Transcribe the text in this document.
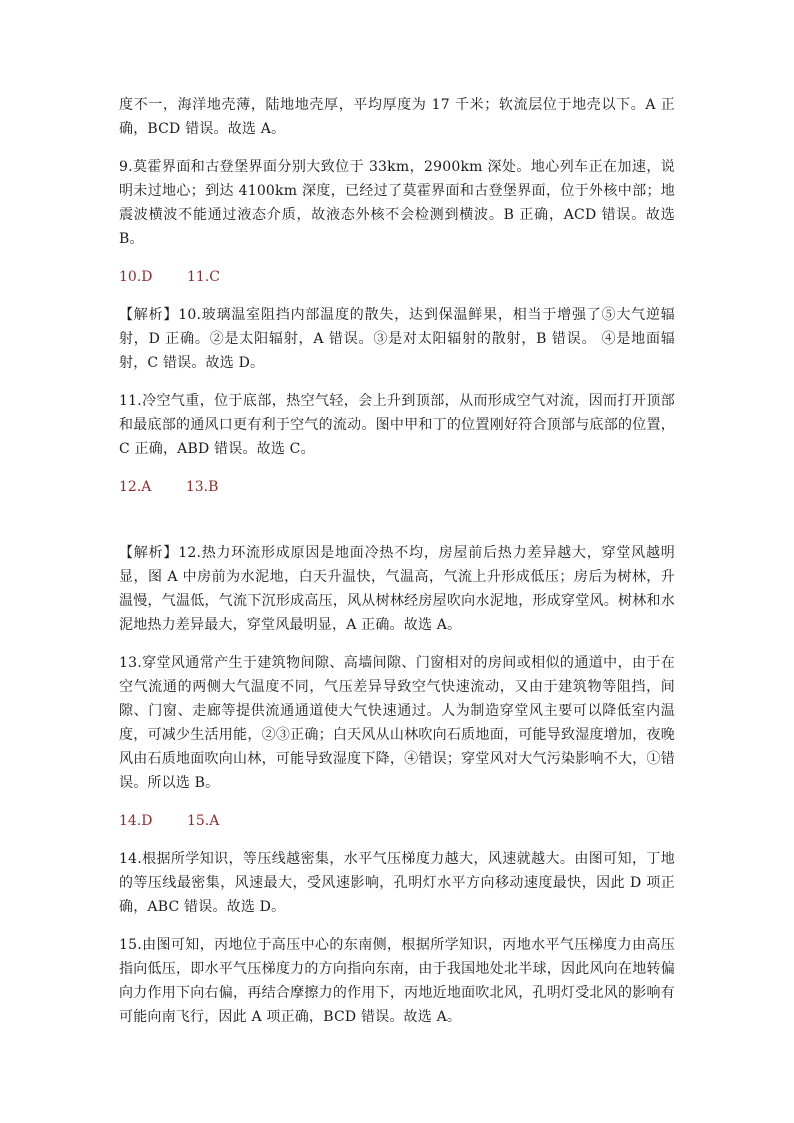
度不一，海洋地壳薄，陆地地壳厚，平均厚度为 17 千米；软流层位于地壳以下。A 正确，BCD 错误。故选 A。

9.莫霍界面和古登堡界面分别大致位于 33km，2900km 深处。地心列车正在加速，说明未过地心；到达 4100km 深度，已经过了莫霍界面和古登堡界面，位于外核中部；地震波横波不能通过液态介质，故液态外核不会检测到横波。B 正确，ACD 错误。故选 B。

10.D 11.C

【解析】10.玻璃温室阻挡内部温度的散失，达到保温鲜果，相当于增强了⑤大气逆辐射，D 正确。②是太阳辐射，A 错误。③是对太阳辐射的散射，B 错误。 ④是地面辐射，C 错误。故选 D。

11.冷空气重，位于底部，热空气轻，会上升到顶部，从而形成空气对流，因而打开顶部和最底部的通风口更有利于空气的流动。图中甲和丁的位置刚好符合顶部与底部的位置，C 正确，ABD 错误。故选 C。

12.A 13.B

【解析】12.热力环流形成原因是地面冷热不均，房屋前后热力差异越大，穿堂风越明显，图 A 中房前为水泥地，白天升温快，气温高，气流上升形成低压；房后为树林，升温慢，气温低，气流下沉形成高压，风从树林经房屋吹向水泥地，形成穿堂风。树林和水泥地热力差异最大，穿堂风最明显，A 正确。故选 A。

13.穿堂风通常产生于建筑物间隙、高墙间隙、门窗相对的房间或相似的通道中，由于在空气流通的两侧大气温度不同，气压差异导致空气快速流动，又由于建筑物等阻挡，间隙、门窗、走廊等提供流通通道使大气快速通过。人为制造穿堂风主要可以降低室内温度，可减少生活用能，②③正确；白天风从山林吹向石质地面，可能导致湿度增加，夜晚风由石质地面吹向山林，可能导致湿度下降，④错误；穿堂风对大气污染影响不大，①错误。所以选 B。

14.D 15.A

14.根据所学知识，等压线越密集，水平气压梯度力越大，风速就越大。由图可知，丁地的等压线最密集，风速最大，受风速影响，孔明灯水平方向移动速度最快，因此 D 项正确，ABC 错误。故选 D。

15.由图可知，丙地位于高压中心的东南侧，根据所学知识，丙地水平气压梯度力由高压指向低压，即水平气压梯度力的方向指向东南，由于我国地处北半球，因此风向在地转偏向力作用下向右偏，再结合摩擦力的作用下，丙地近地面吹北风，孔明灯受北风的影响有可能向南飞行，因此 A 项正确，BCD 错误。故选 A。
